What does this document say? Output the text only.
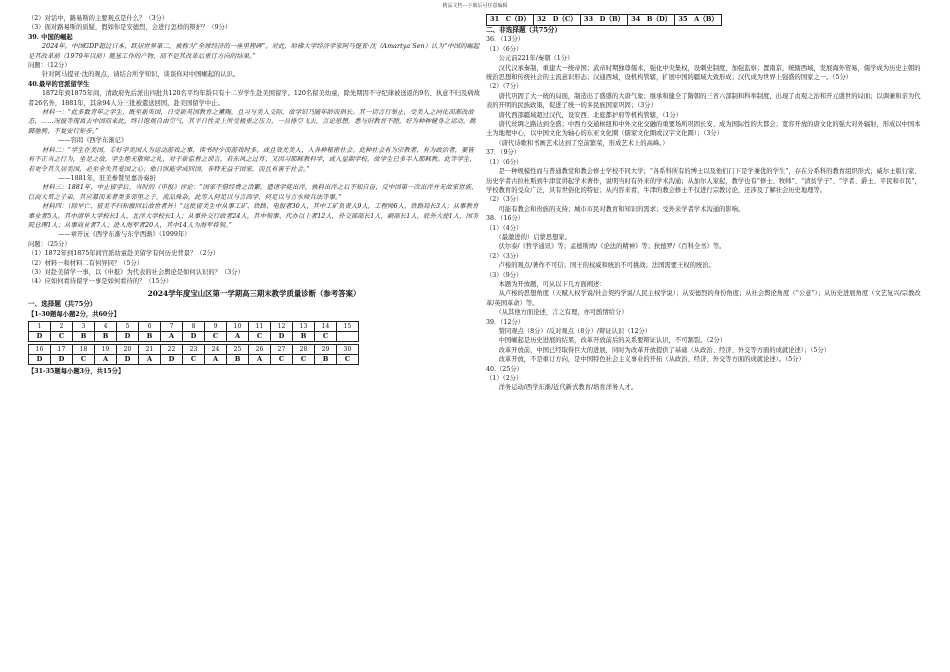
精品文档---下载后可任意编辑

（2）对话中，路易斯的主要观点是什么？（3分）

（3）面对路易斯的质疑，假如你是安德烈，会进行怎样的辩护？（9分）

39. 中国的崛起

2024年，中国GDP超过日本，跃居世界第二，被称为“全球经济的一座里程碑”。对此，哈佛大学经济学家阿马提亚·沈（Amartya Sen）认为“中国的崛起是其改革前（1979年以前）奠基工作的产物，而不是其改革后重订方向的结果。”

问题：（12分）

针对阿马提亚·沈的观点，请结合所学知识，谈谈你对中国崛起的认识。

40.最早的官派留学生

1872年到1875年间，清政府先后派出四批共120名平均年龄只有十二岁学生赴美国留学。120名留美幼童，除先期因不守纪律被送返的9名、执意不归及病故者26名外，1881年，其余94人分三批被遣送回国，赴美国留学中止。

材料一：“此多数青年之学生，既至新英国，日受新英国教育之薰陶，且习与美人交际，故学识乃随年龄而俱长。其一切言行举止，受美人之同化而渐改故态，……况彼等现离去中国而来此，终日饱观自由空气，其平日性灵上所受极重之压力，一旦排空飞去，言论思想，悉与旧教育不睦，好为种种健身之运动，跳踯驰骋，不复安行矩步。”

——容闳《西学东渐记》

材料二：“学生在美国，专好学美国人为运动游戏之事，读书时少而游戏时多。或且效尤美人，入各种秘密社会。此种社会有为宗教者，有为政治者，要皆有不正当之行为，坐是之故，学生绝无敬师之礼，对于新监督之训言，若东风之过耳；又因习耶稣教科学，或入星期学校，故学生已多半入耶稣教。此等学生，若更令其久居美国，必至全失其爱国之心；他日纵能学成回国，非特无益于国家，而且有害于社会。”

——1881年，驻美参赞吴嘉善奏折

材料三：1881年，中止留学后，当时的《申报》评论：“国家不惜经费之浩繁，遣诸学徒出洋，孰料出洋之后不知自奋，反中国第一次出洋并无故家世族，巨商大贾之子弟，其应募而来者类多邻里之子，流品殊杂，此等人何足以与言西学，何足以与言水师兵法等事。”

材料四：（除早亡、留美不归和撤回后故世者外）“这批留美生中从事工矿、铁路、电报者30人，其中工矿负责人9人，工程师6人，铁路局长3人；从事教育事业者5人，其中清华大学校长1人、北洋大学校长1人；从事外交行政者24人，其中领事、代办以上者12人，外交部部长1人，副部长1人，驻外大使1人，国务院总理1人；从事商业者7人；进入海军者20人，其中14人为海军将领。”

——章开沅《西学东渐与东学西渐》（1999年）

问题：（25分）

（1）1872年到1875年间官派幼童赴美留学有何历史背景？（2分）

（2）材料一和材料二有何异同？（5分）

（3）对赴美留学一事，以《申报》为代表的社会舆论是如何认识的？（3分）

（4）应如何看待留学一事是如何看待的？（15分）

2024学年度宝山区第一学期高三期末教学质量诊断（参考答案）

一、选择题（共75分）

【1-30题每小题2分，共60分】

1	2	3	4	5	6	7	8	9	10	11	12	13	14	15
D	C	B	B	D	B	A	D	C	A	C	D	B	C	
16	17	18	19	20	21	22	23	24	25	26	27	28	29	30
D	D	C	A	D	A	D	C	A	B	A	C	C	B	C

【31-35题每小题3分，共15分】

31　C（D）	32　D（C）	33　D（B）	34　B（D）	35　A（B）

二、非选择题（共75分）

36．（13分）

（1）（6分）

　　公元前221年/秦朝（1分）

　　汉代汉承秦制，重建大一统帝国；武帝时期独尊儒术，强化中央集权，设刺史制度，加强监察；置南京，统辖西域，发展海外贸易，儒学成为历史主朝的统治思想和传统社会的主流意识形态；汉通西域，设机构管辖，扩展中国的疆域大致形成；汉代成为世界上强盛的国家之一。（5分）

（2）（7分）

　　唐代巩固了大一统的局面，制造出了盛盛的大唐气象；继承和健全了隋朝的三省六部制和科举制度，出现了贞观之治和开元盛世的局面；以调兼和亲为代表的开明的民族政策，促进了统一的多民族国家巩固；（3分）

　　唐代西部疆域超过汉代，设安西、北庭都护府等机构管辖，（1分）

　　唐代丝绸之路达到全盛；中西方交通枢纽和中外文化交融的重要场所巩固长安、成为国际性的大都会；宽容开放的唐文化的强大对外辐射，形成以中国本土为地理中心，以中国文化为轴心的东亚文化圈（儒家文化圈或汉字文化圈）；（3分）

　　（唐代诗歌和书画艺术达到了空前繁荣，形成艺术上的高峰。）

37．（9分）

（1）（6分）

　　是一种规模性而与普通教堂和教会修士学校不同大学；“各系科所有的博士以及他们门下是学兼优的学生”，存在分系科的教育组织形式；威尔士版行家、历史学者古拉杜斯到牛津宣讲起学术著作，说明当时有外来的学术沟通；从加尔人家起，教学也有“修士、牧师”、“清贫学子”、“学者、爵士、平民和市民”，学校教育的受众广泛，具有世俗化的特征；从内容来看，牛津的教会修士不仅进行宗教讨论，还涉及了解社会历史地理等。

（2）（3分）

　　可能有教会和贵族的支持；城市市民对教育和知识的需求；受外来学者学术沟通的影响。

38．（16分）

（1）（4分）

　　（最激进的）启蒙思想家。

　　伏尔泰/《哲学通讯》等；孟德斯鸠/《论法的精神》等；狄德罗/《百科全书》等。

（2）（3分）

　　卢梭的观点/著作不可信；国王的权威和统治不可挑战；法国需要王权的统治。

（3）（9分）

　　本题为开放题，可从以下几方面阐述：

　　从卢梭的思想角度（天赋人权学说/社会契约学说/人民主权学说）；从安德烈的身份角度；从社会舆论角度（“公意”）；从历史进展角度（文艺复兴/宗教改革/英国革命）等。

　　（从其他方面论述，言之有理，亦可酌情给分）

39．（12分）

　　赞同观点（8分）/反对观点（8分）/辩证认识（12分）

　　中国崛起是历史进展的结果，改革开放前后的关系要辩证认识，不可割裂。（2分）

　　改革开放前，中国已经取得巨大的进展，同时为改革开放提供了基础（从政治、经济、外交等方面的成就论述）；（5分）

　　改革开放，不是重订方向，是中国特色社会主义事业的开拓（从政治、经济、外交等方面的成就论述）。（5分）

40.（25分）

（1）（2分）

　　洋务运动/西学东渐/近代新式教育/培育洋务人才。
